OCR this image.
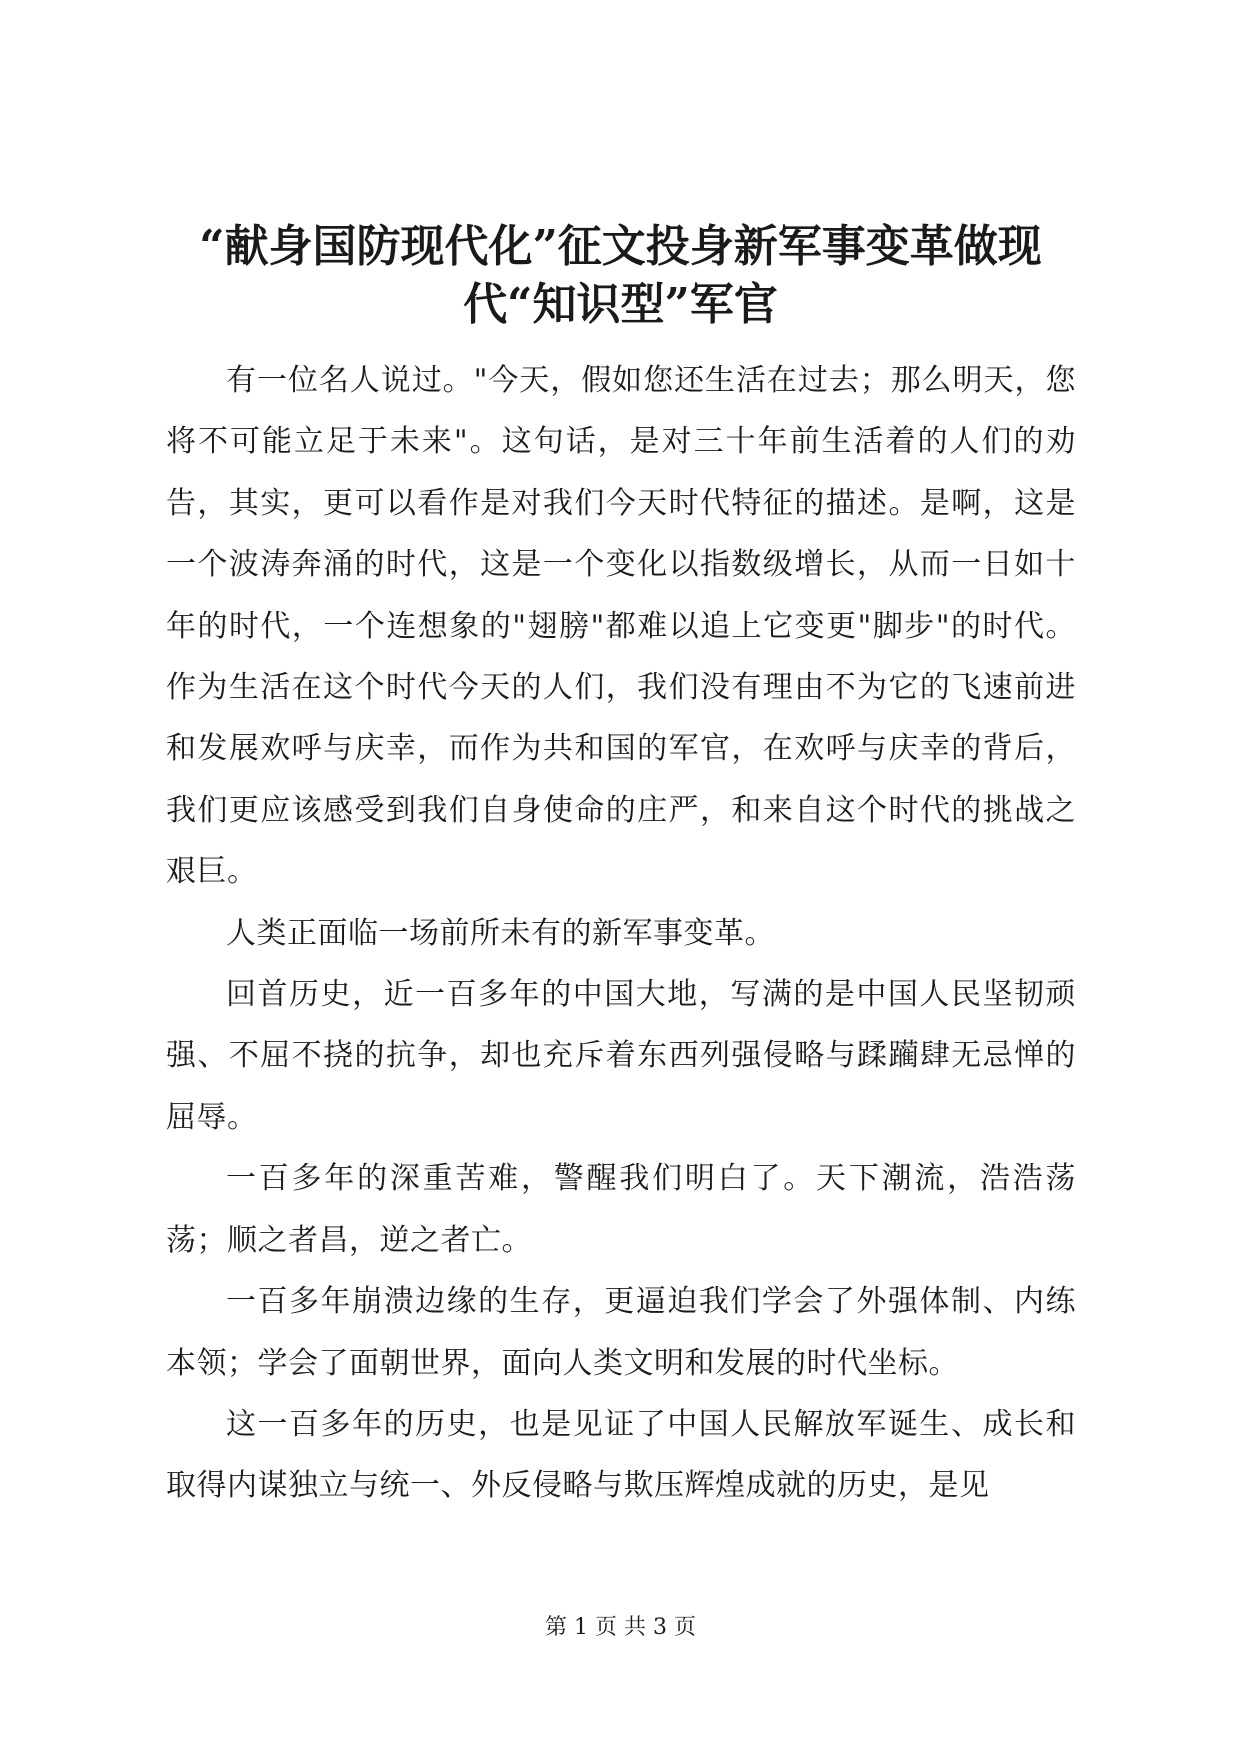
“献身国防现代化”征文投身新军事变革做现
代“知识型”军官

有一位名人说过。"今天，假如您还生活在过去；那么明天，您将不可能立足于未来"。这句话，是对三十年前生活着的人们的劝告，其实，更可以看作是对我们今天时代特征的描述。是啊，这是一个波涛奔涌的时代，这是一个变化以指数级增长，从而一日如十年的时代，一个连想象的"翅膀"都难以追上它变更"脚步"的时代。作为生活在这个时代今天的人们，我们没有理由不为它的飞速前进和发展欢呼与庆幸，而作为共和国的军官，在欢呼与庆幸的背后，我们更应该感受到我们自身使命的庄严，和来自这个时代的挑战之艰巨。

人类正面临一场前所未有的新军事变革。

回首历史，近一百多年的中国大地，写满的是中国人民坚韧顽强、不屈不挠的抗争，却也充斥着东西列强侵略与蹂躏肆无忌惮的屈辱。

一百多年的深重苦难，警醒我们明白了。天下潮流，浩浩荡荡；顺之者昌，逆之者亡。

一百多年崩溃边缘的生存，更逼迫我们学会了外强体制、内练本领；学会了面朝世界，面向人类文明和发展的时代坐标。

这一百多年的历史，也是见证了中国人民解放军诞生、成长和取得内谋独立与统一、外反侵略与欺压辉煌成就的历史，是见

第 1 页 共 3 页
